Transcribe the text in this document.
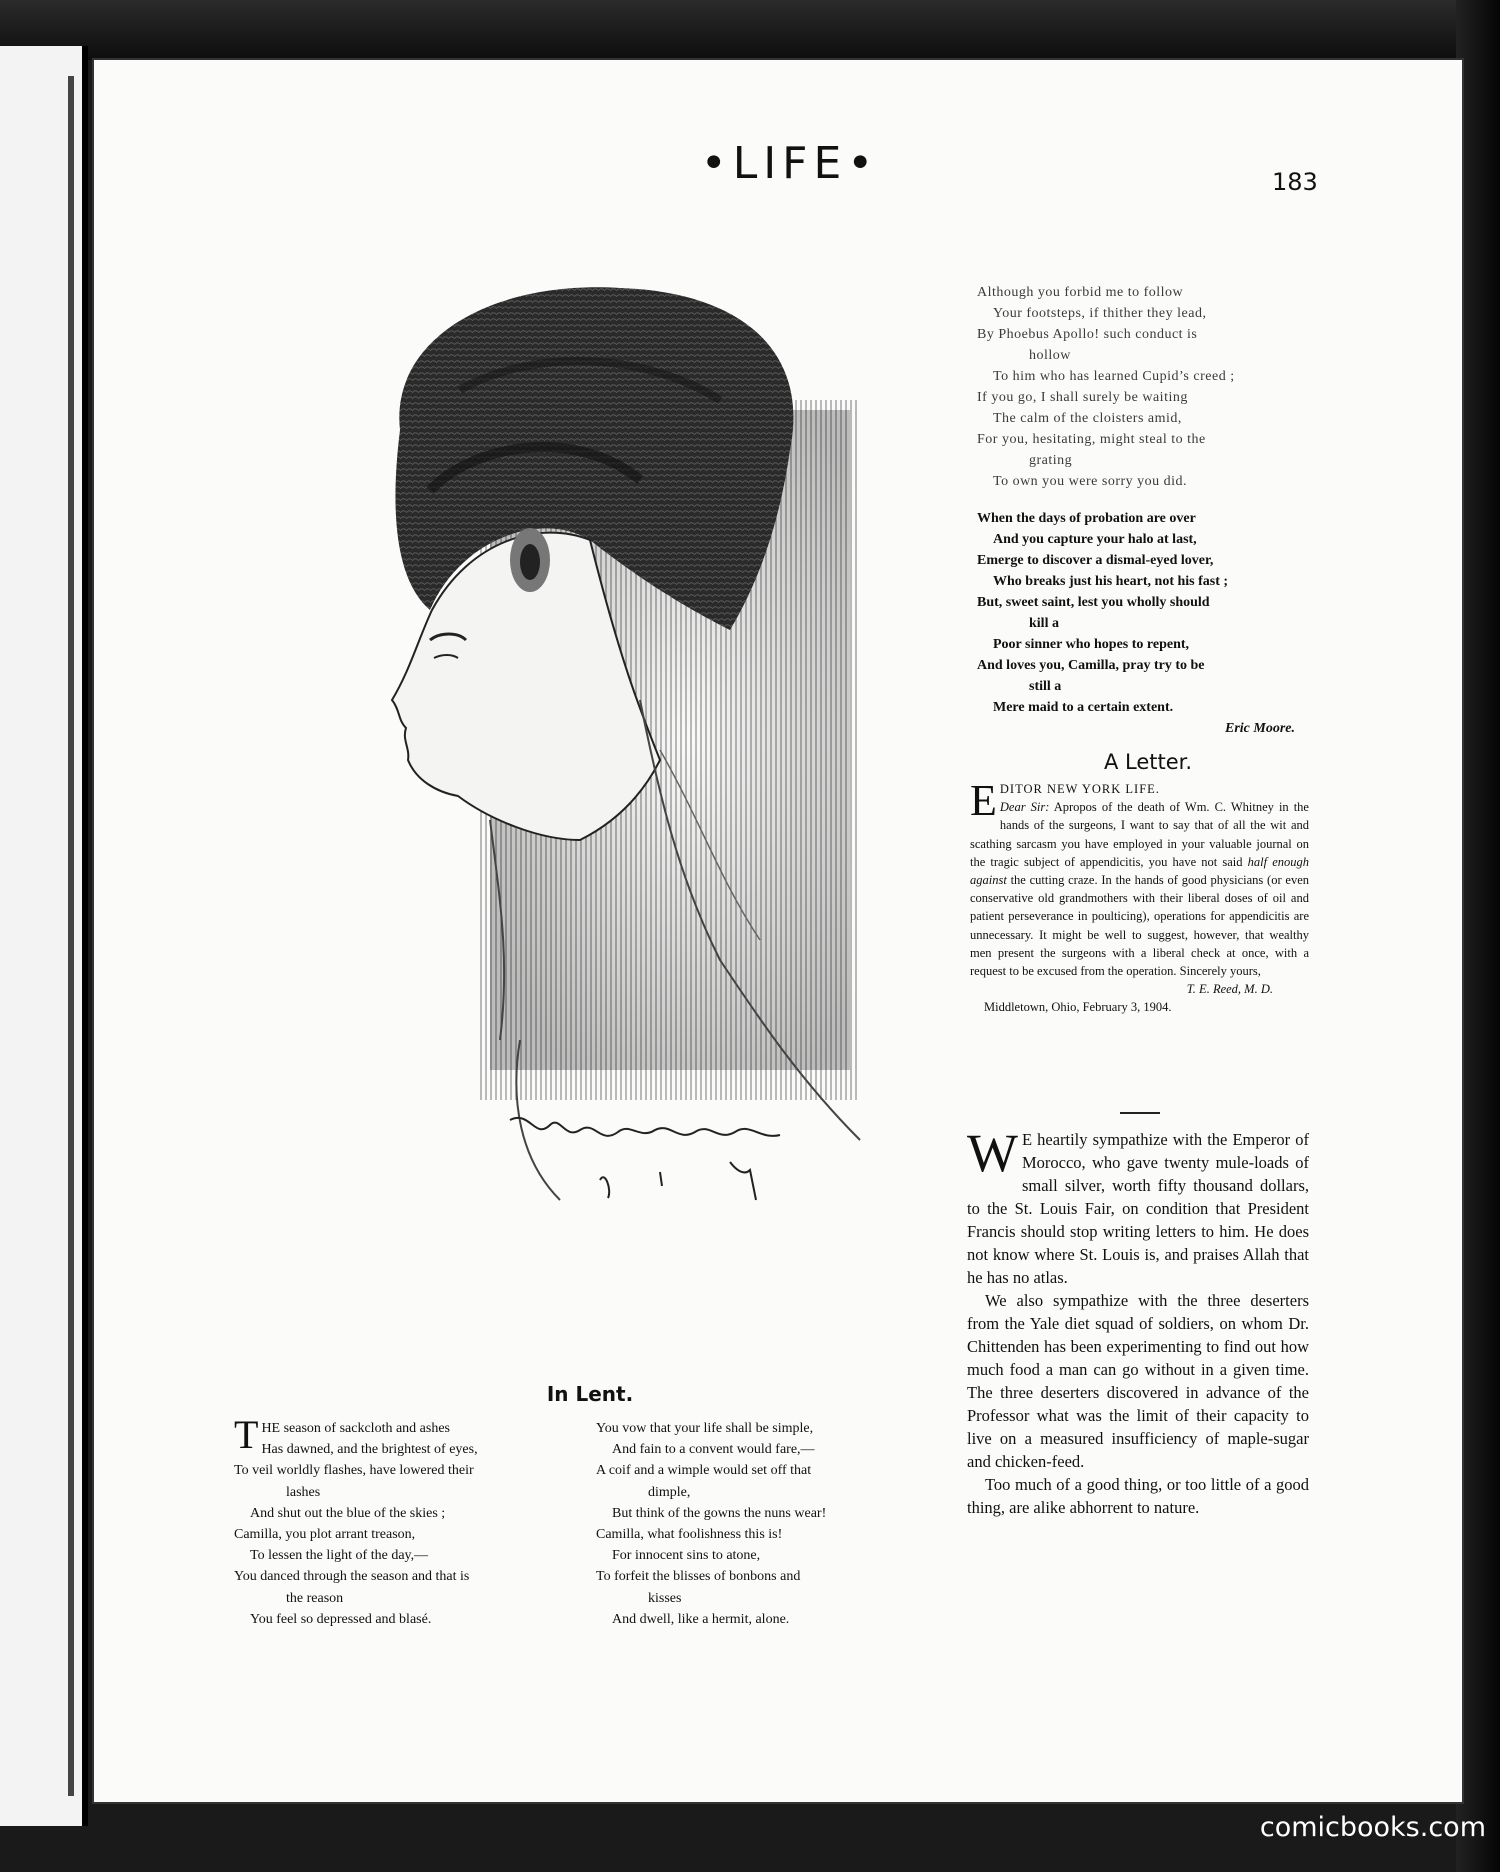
•LIFE•	183
Although you forbid me to follow
Your footsteps, if thither they lead,
By Phoebus Apollo! such conduct is
hollow
To him who has learned Cupid’s creed ;
If you go, I shall surely be waiting
The calm of the cloisters amid,
For you, hesitating, might steal to the
grating
To own you were sorry you did.
When the days of probation are over
And you capture your halo at last,
Emerge to discover a dismal-eyed lover,
Who breaks just his heart, not his fast ;
But, sweet saint, lest you wholly should
kill a
Poor sinner who hopes to repent,
And loves you, Camilla, pray try to be
still a
Mere maid to a certain extent.
Eric Moore.
A Letter.
E DITOR NEW YORK LIFE.
Dear Sir: Apropos of the death of Wm. C. Whitney in the hands of the surgeons, I want to say that of all the wit and scathing sarcasm you have employed in your valuable journal on the tragic subject of appendicitis, you have not said half enough against the cutting craze. In the hands of good physicians (or even conservative old grandmothers with their liberal doses of oil and patient perseverance in poulticing), operations for appendicitis are unnecessary. It might be well to suggest, however, that wealthy men present the surgeons with a liberal check at once, with a request to be excused from the operation. Sincerely yours,
T. E. Reed, M. D.
Middletown, Ohio, February 3, 1904.

W E heartily sympathize with the Emperor of Morocco, who gave twenty mule-loads of small silver, worth fifty thousand dollars, to the St. Louis Fair, on condition that President Francis should stop writing letters to him. He does not know where St. Louis is, and praises Allah that he has no atlas.

We also sympathize with the three deserters from the Yale diet squad of soldiers, on whom Dr. Chittenden has been experimenting to find out how much food a man can go without in a given time. The three deserters discovered in advance of the Professor what was the limit of their capacity to live on a measured insufficiency of maple-sugar and chicken-feed.

Too much of a good thing, or too little of a good thing, are alike abhorrent to nature.

In Lent.
T HE season of sackcloth and ashes
Has dawned, and the brightest of eyes,
To veil worldly flashes, have lowered their
lashes
And shut out the blue of the skies ;
Camilla, you plot arrant treason,
To lessen the light of the day,—
You danced through the season and that is
the reason
You feel so depressed and blasé.
You vow that your life shall be simple,
And fain to a convent would fare,—
A coif and a wimple would set off that
dimple,
But think of the gowns the nuns wear!
Camilla, what foolishness this is!
For innocent sins to atone,
To forfeit the blisses of bonbons and
kisses
And dwell, like a hermit, alone.
comicbooks.com
